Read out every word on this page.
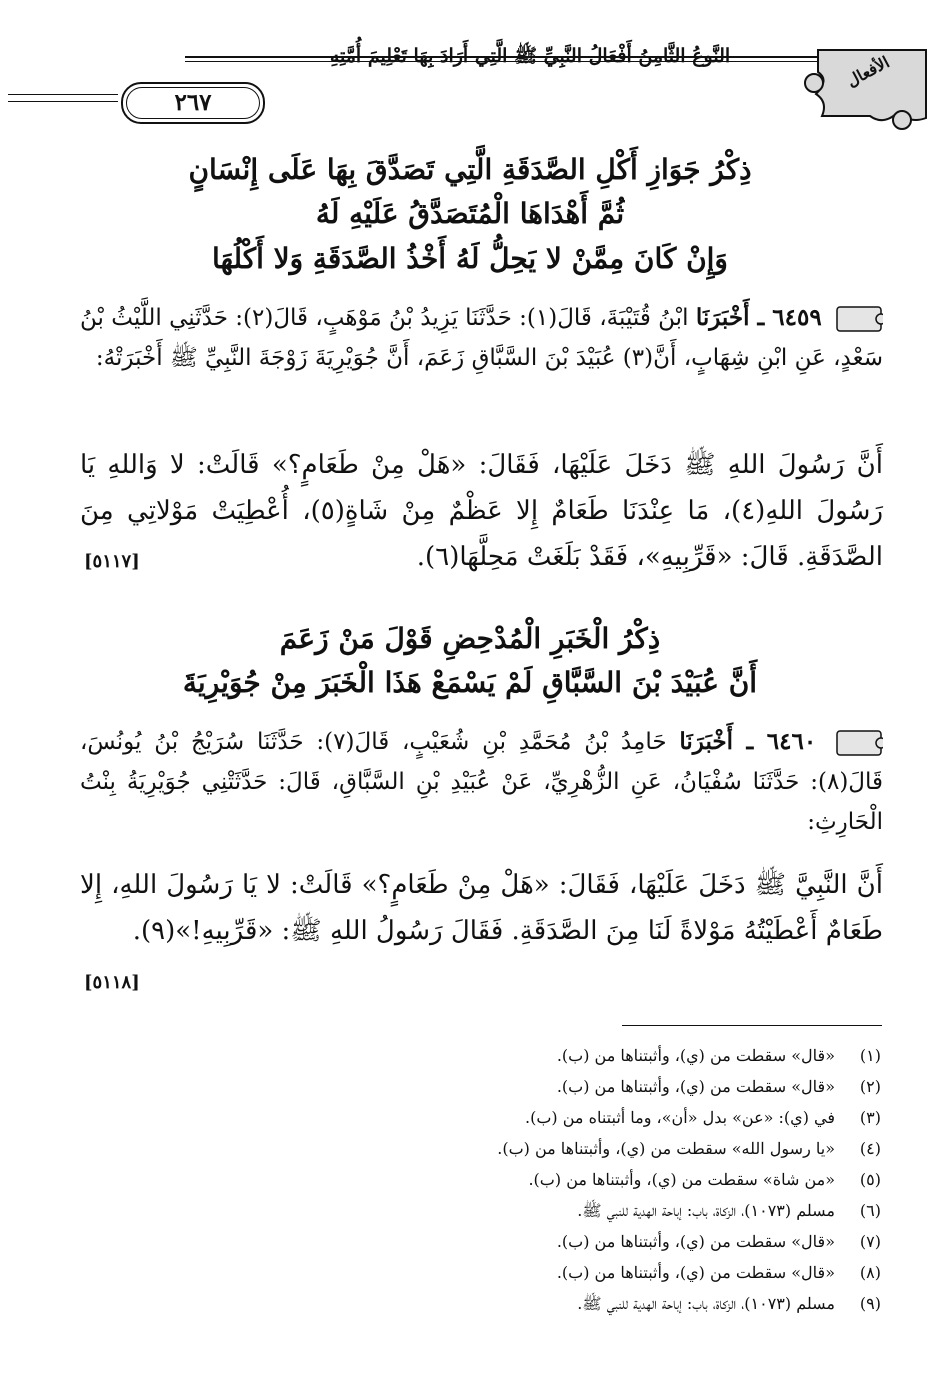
النَّوعُ الثَّامِنُ أَفْعَالُ النَّبِيِّ ﷺ الَّتِي أَرَادَ بِهَا تَعْلِيمَ أُمَّتِهِ
٢٦٧
الأفعال
ذِكْرُ جَوَازِ أَكْلِ الصَّدَقَةِ الَّتِي تَصَدَّقَ بِهَا عَلَى إِنْسَانٍ
ثُمَّ أَهْدَاهَا الْمُتَصَدَّقُ عَلَيْهِ لَهُ
وَإِنْ كَانَ مِمَّنْ لا يَحِلُّ لَهُ أَخْذُ الصَّدَقَةِ وَلا أَكْلُهَا
٦٤٥٩ ـ أَخْبَرَنَا ابْنُ قُتَيْبَةَ، قَالَ(١): حَدَّثَنَا يَزِيدُ بْنُ مَوْهَبٍ، قَالَ(٢): حَدَّثَنِي اللَّيْثُ بْنُ سَعْدٍ، عَنِ ابْنِ شِهَابٍ، أَنَّ(٣) عُبَيْدَ بْنَ السَّبَّاقِ زَعَمَ، أَنَّ جُوَيْرِيَةَ زَوْجَةَ النَّبِيِّ ﷺ أَخْبَرَتْهُ:
أَنَّ رَسُولَ اللهِ ﷺ دَخَلَ عَلَيْهَا، فَقَالَ: «هَلْ مِنْ طَعَامٍ؟» قَالَتْ: لا وَاللهِ يَا رَسُولَ اللهِ(٤)، مَا عِنْدَنَا طَعَامٌ إِلا عَظْمٌ مِنْ شَاةٍ(٥)، أُعْطِيَتْ مَوْلاتِي مِنَ الصَّدَقَةِ. قَالَ: «قَرِّبِيهِ»، فَقَدْ بَلَغَتْ مَحِلَّهَا(٦).
[٥١١٧]
ذِكْرُ الْخَبَرِ الْمُدْحِضِ قَوْلَ مَنْ زَعَمَ
أَنَّ عُبَيْدَ بْنَ السَّبَّاقِ لَمْ يَسْمَعْ هَذَا الْخَبَرَ مِنْ جُوَيْرِيَةَ
٦٤٦٠ ـ أَخْبَرَنَا حَامِدُ بْنُ مُحَمَّدِ بْنِ شُعَيْبٍ، قَالَ(٧): حَدَّثَنَا سُرَيْجُ بْنُ يُونُسَ، قَالَ(٨): حَدَّثَنَا سُفْيَانُ، عَنِ الزُّهْرِيِّ، عَنْ عُبَيْدِ بْنِ السَّبَّاقِ، قَالَ: حَدَّثَتْنِي جُوَيْرِيَةُ بِنْتُ الْحَارِثِ:
أَنَّ النَّبِيَّ ﷺ دَخَلَ عَلَيْهَا، فَقَالَ: «هَلْ مِنْ طَعَامٍ؟» قَالَتْ: لا يَا رَسُولَ اللهِ، إِلا طَعَامٌ أَعْطَيْتُهُ مَوْلاةً لَنَا مِنَ الصَّدَقَةِ. فَقَالَ رَسُولُ اللهِ ﷺ: «قَرِّبِيهِ!»(٩).
[٥١١٨]
(١)«قال» سقطت من (ي)، وأثبتناها من (ب).
(٢)«قال» سقطت من (ي)، وأثبتناها من (ب).
(٣)في (ي): «عن» بدل «أن»، وما أثبتناه من (ب).
(٤)«يا رسول الله» سقطت من (ي)، وأثبتناها من (ب).
(٥)«من شاة» سقطت من (ي)، وأثبتناها من (ب).
(٦)مسلم (١٠٧٣)، الزكاة، باب: إباحة الهدية للنبي ﷺ.
(٧)«قال» سقطت من (ي)، وأثبتناها من (ب).
(٨)«قال» سقطت من (ي)، وأثبتناها من (ب).
(٩)مسلم (١٠٧٣)، الزكاة، باب: إباحة الهدية للنبي ﷺ.
